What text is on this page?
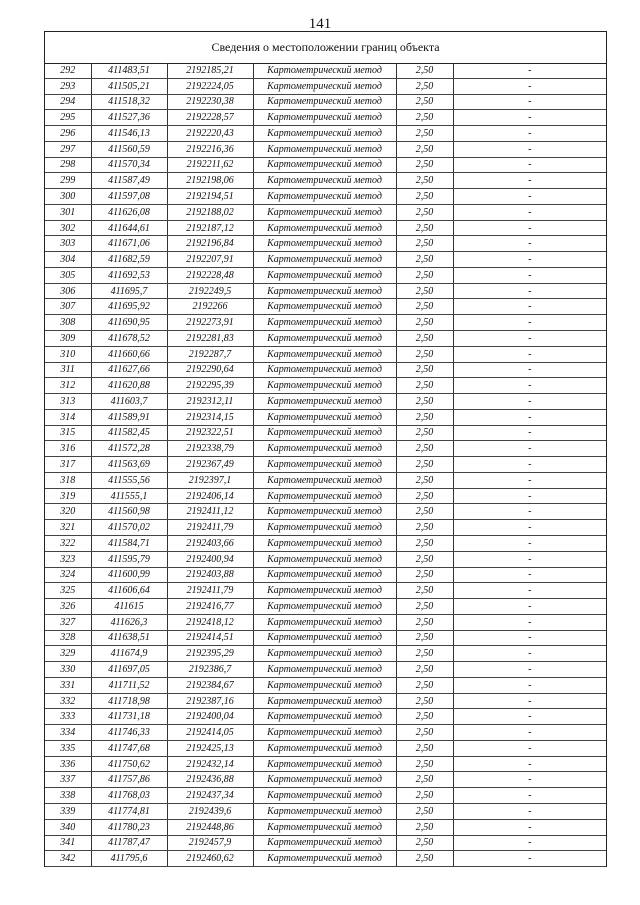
141
Сведения о местоположении границ объекта
292	411483,51	2192185,21	Картометрический метод	2,50	-
293	411505,21	2192224,05	Картометрический метод	2,50	-
294	411518,32	2192230,38	Картометрический метод	2,50	-
295	411527,36	2192228,57	Картометрический метод	2,50	-
296	411546,13	2192220,43	Картометрический метод	2,50	-
297	411560,59	2192216,36	Картометрический метод	2,50	-
298	411570,34	2192211,62	Картометрический метод	2,50	-
299	411587,49	2192198,06	Картометрический метод	2,50	-
300	411597,08	2192194,51	Картометрический метод	2,50	-
301	411626,08	2192188,02	Картометрический метод	2,50	-
302	411644,61	2192187,12	Картометрический метод	2,50	-
303	411671,06	2192196,84	Картометрический метод	2,50	-
304	411682,59	2192207,91	Картометрический метод	2,50	-
305	411692,53	2192228,48	Картометрический метод	2,50	-
306	411695,7	2192249,5	Картометрический метод	2,50	-
307	411695,92	2192266	Картометрический метод	2,50	-
308	411690,95	2192273,91	Картометрический метод	2,50	-
309	411678,52	2192281,83	Картометрический метод	2,50	-
310	411660,66	2192287,7	Картометрический метод	2,50	-
311	411627,66	2192290,64	Картометрический метод	2,50	-
312	411620,88	2192295,39	Картометрический метод	2,50	-
313	411603,7	2192312,11	Картометрический метод	2,50	-
314	411589,91	2192314,15	Картометрический метод	2,50	-
315	411582,45	2192322,51	Картометрический метод	2,50	-
316	411572,28	2192338,79	Картометрический метод	2,50	-
317	411563,69	2192367,49	Картометрический метод	2,50	-
318	411555,56	2192397,1	Картометрический метод	2,50	-
319	411555,1	2192406,14	Картометрический метод	2,50	-
320	411560,98	2192411,12	Картометрический метод	2,50	-
321	411570,02	2192411,79	Картометрический метод	2,50	-
322	411584,71	2192403,66	Картометрический метод	2,50	-
323	411595,79	2192400,94	Картометрический метод	2,50	-
324	411600,99	2192403,88	Картометрический метод	2,50	-
325	411606,64	2192411,79	Картометрический метод	2,50	-
326	411615	2192416,77	Картометрический метод	2,50	-
327	411626,3	2192418,12	Картометрический метод	2,50	-
328	411638,51	2192414,51	Картометрический метод	2,50	-
329	411674,9	2192395,29	Картометрический метод	2,50	-
330	411697,05	2192386,7	Картометрический метод	2,50	-
331	411711,52	2192384,67	Картометрический метод	2,50	-
332	411718,98	2192387,16	Картометрический метод	2,50	-
333	411731,18	2192400,04	Картометрический метод	2,50	-
334	411746,33	2192414,05	Картометрический метод	2,50	-
335	411747,68	2192425,13	Картометрический метод	2,50	-
336	411750,62	2192432,14	Картометрический метод	2,50	-
337	411757,86	2192436,88	Картометрический метод	2,50	-
338	411768,03	2192437,34	Картометрический метод	2,50	-
339	411774,81	2192439,6	Картометрический метод	2,50	-
340	411780,23	2192448,86	Картометрический метод	2,50	-
341	411787,47	2192457,9	Картометрический метод	2,50	-
342	411795,6	2192460,62	Картометрический метод	2,50	-
